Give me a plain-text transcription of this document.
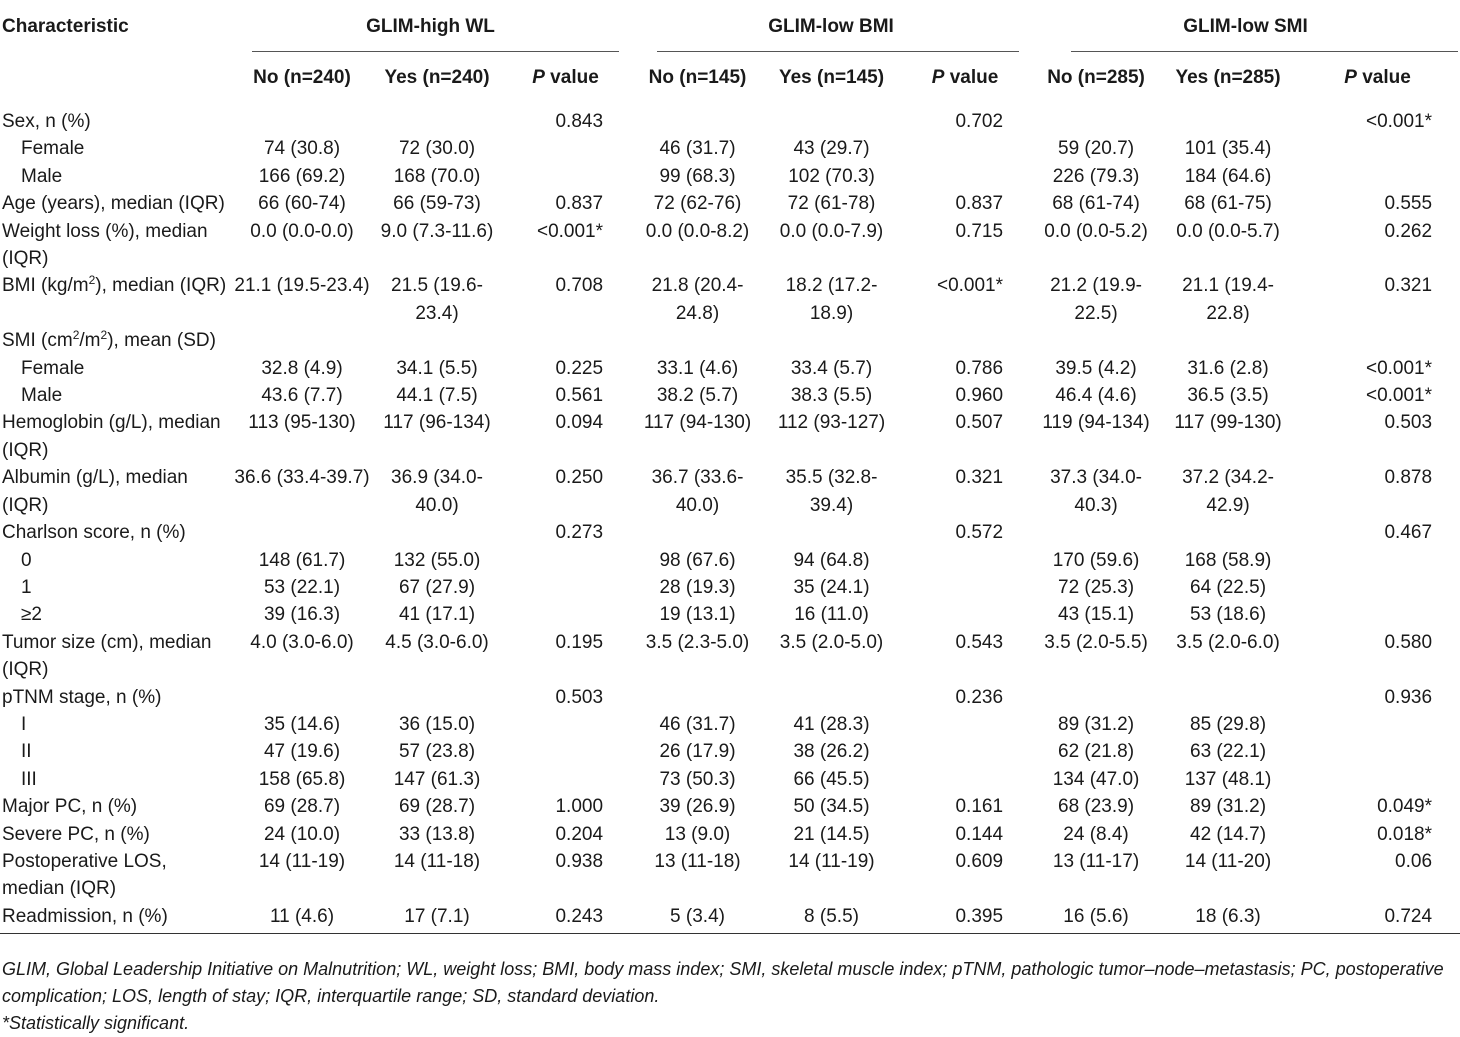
Characteristic	GLIM-high WL			GLIM-low BMI			GLIM-low SMI		

	No (n=240)	Yes (n=240)	P value	No (n=145)	Yes (n=145)	P value	No (n=285)	Yes (n=285)	P value
Sex, n (%)			0.843			0.702			<0.001*
Female	74 (30.8)	72 (30.0)		46 (31.7)	43 (29.7)		59 (20.7)	101 (35.4)	
Male	166 (69.2)	168 (70.0)		99 (68.3)	102 (70.3)		226 (79.3)	184 (64.6)	
Age (years), median (IQR)	66 (60-74)	66 (59-73)	0.837	72 (62-76)	72 (61-78)	0.837	68 (61-74)	68 (61-75)	0.555
Weight loss (%), median (IQR)	0.0 (0.0-0.0)	9.0 (7.3-11.6)	<0.001*	0.0 (0.0-8.2)	0.0 (0.0-7.9)	0.715	0.0 (0.0-5.2)	0.0 (0.0-5.7)	0.262
BMI $(kg/m^2)$, median (IQR)	21.1 (19.5-23.4)	21.5 (19.6-23.4)	0.708	21.8 (20.4-24.8)	18.2 (17.2-18.9)	<0.001*	21.2 (19.9-22.5)	21.1 (19.4-22.8)	0.321
SMI $(cm^2/m^2)$, mean (SD)									
Female	32.8 (4.9)	34.1 (5.5)	0.225	33.1 (4.6)	33.4 (5.7)	0.786	39.5 (4.2)	31.6 (2.8)	<0.001*
Male	43.6 (7.7)	44.1 (7.5)	0.561	38.2 (5.7)	38.3 (5.5)	0.960	46.4 (4.6)	36.5 (3.5)	<0.001*
Hemoglobin (g/L), median (IQR)	113 (95-130)	117 (96-134)	0.094	117 (94-130)	112 (93-127)	0.507	119 (94-134)	117 (99-130)	0.503
Albumin (g/L), median (IQR)	36.6 (33.4-39.7)	36.9 (34.0-40.0)	0.250	36.7 (33.6-40.0)	35.5 (32.8-39.4)	0.321	37.3 (34.0-40.3)	37.2 (34.2-42.9)	0.878
Charlson score, n (%)			0.273			0.572			0.467
0	148 (61.7)	132 (55.0)		98 (67.6)	94 (64.8)		170 (59.6)	168 (58.9)	
1	53 (22.1)	67 (27.9)		28 (19.3)	35 (24.1)		72 (25.3)	64 (22.5)	
≥2	39 (16.3)	41 (17.1)		19 (13.1)	16 (11.0)		43 (15.1)	53 (18.6)	
Tumor size (cm), median (IQR)	4.0 (3.0-6.0)	4.5 (3.0-6.0)	0.195	3.5 (2.3-5.0)	3.5 (2.0-5.0)	0.543	3.5 (2.0-5.5)	3.5 (2.0-6.0)	0.580
pTNM stage, n (%)			0.503			0.236			0.936
I	35 (14.6)	36 (15.0)		46 (31.7)	41 (28.3)		89 (31.2)	85 (29.8)	
II	47 (19.6)	57 (23.8)		26 (17.9)	38 (26.2)		62 (21.8)	63 (22.1)	
III	158 (65.8)	147 (61.3)		73 (50.3)	66 (45.5)		134 (47.0)	137 (48.1)	
Major PC, n (%)	69 (28.7)	69 (28.7)	1.000	39 (26.9)	50 (34.5)	0.161	68 (23.9)	89 (31.2)	0.049*
Severe PC, n (%)	24 (10.0)	33 (13.8)	0.204	13 (9.0)	21 (14.5)	0.144	24 (8.4)	42 (14.7)	0.018*
Postoperative LOS, median (IQR)	14 (11-19)	14 (11-18)	0.938	13 (11-18)	14 (11-19)	0.609	13 (11-17)	14 (11-20)	0.06
Readmission, n (%)	11 (4.6)	17 (7.1)	0.243	5 (3.4)	8 (5.5)	0.395	16 (5.6)	18 (6.3)	0.724
GLIM, Global Leadership Initiative on Malnutrition; WL, weight loss; BMI, body mass index; SMI, skeletal muscle index; pTNM, pathologic tumor–node–metastasis; PC, postoperative complication; LOS, length of stay; IQR, interquartile range; SD, standard deviation.
*Statistically significant.
